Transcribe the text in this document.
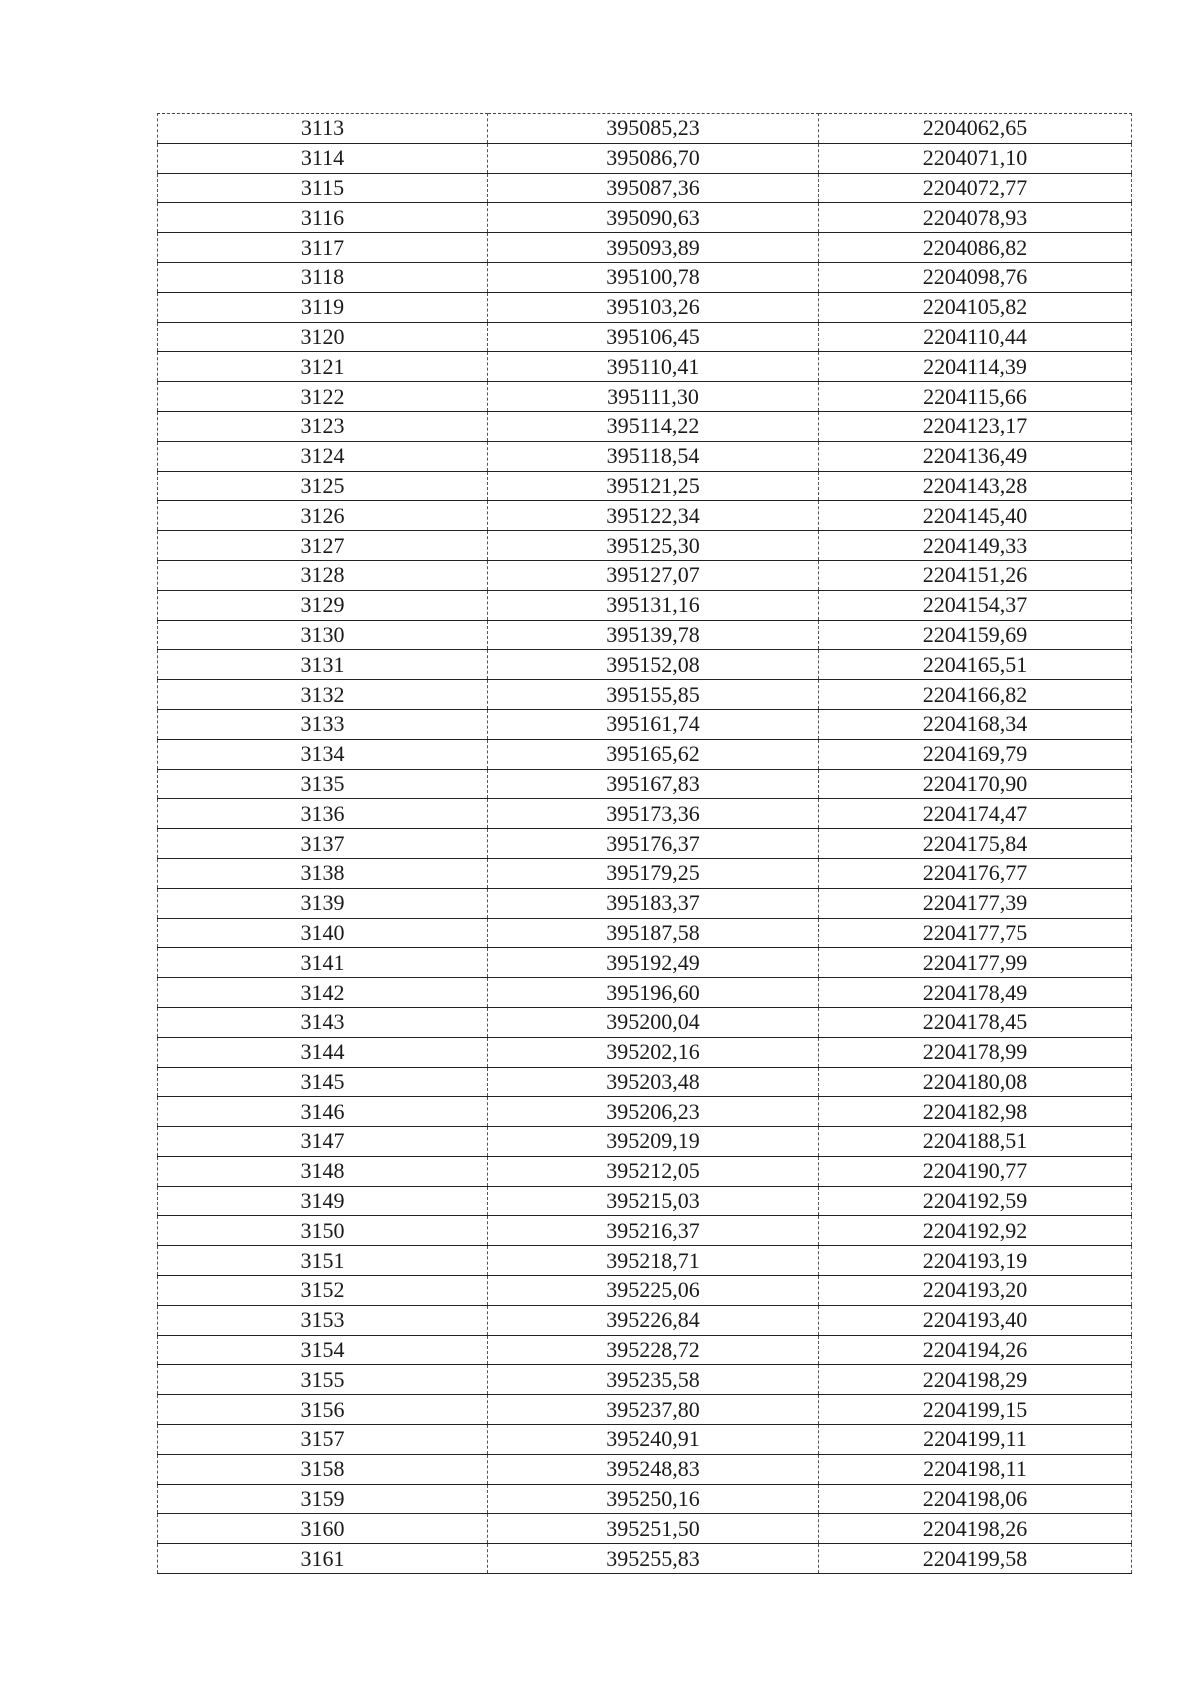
3113	395085,23	2204062,65
3114	395086,70	2204071,10
3115	395087,36	2204072,77
3116	395090,63	2204078,93
3117	395093,89	2204086,82
3118	395100,78	2204098,76
3119	395103,26	2204105,82
3120	395106,45	2204110,44
3121	395110,41	2204114,39
3122	395111,30	2204115,66
3123	395114,22	2204123,17
3124	395118,54	2204136,49
3125	395121,25	2204143,28
3126	395122,34	2204145,40
3127	395125,30	2204149,33
3128	395127,07	2204151,26
3129	395131,16	2204154,37
3130	395139,78	2204159,69
3131	395152,08	2204165,51
3132	395155,85	2204166,82
3133	395161,74	2204168,34
3134	395165,62	2204169,79
3135	395167,83	2204170,90
3136	395173,36	2204174,47
3137	395176,37	2204175,84
3138	395179,25	2204176,77
3139	395183,37	2204177,39
3140	395187,58	2204177,75
3141	395192,49	2204177,99
3142	395196,60	2204178,49
3143	395200,04	2204178,45
3144	395202,16	2204178,99
3145	395203,48	2204180,08
3146	395206,23	2204182,98
3147	395209,19	2204188,51
3148	395212,05	2204190,77
3149	395215,03	2204192,59
3150	395216,37	2204192,92
3151	395218,71	2204193,19
3152	395225,06	2204193,20
3153	395226,84	2204193,40
3154	395228,72	2204194,26
3155	395235,58	2204198,29
3156	395237,80	2204199,15
3157	395240,91	2204199,11
3158	395248,83	2204198,11
3159	395250,16	2204198,06
3160	395251,50	2204198,26
3161	395255,83	2204199,58
